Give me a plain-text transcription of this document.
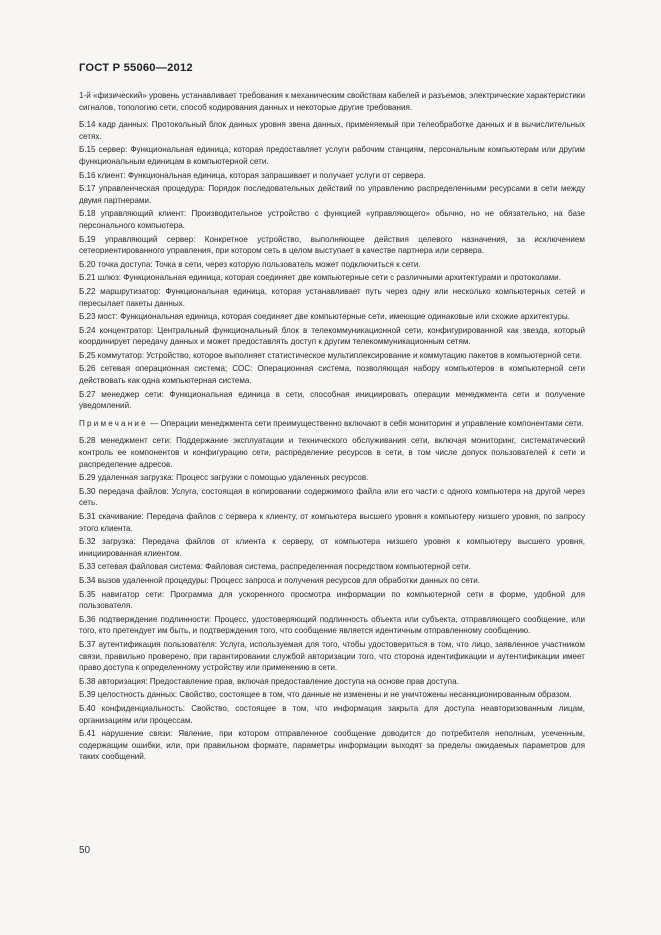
ГОСТ Р 55060—2012

1-й «физический» уровень устанавливает требования к механическим свойствам кабелей и разъемов, электрические характеристики сигналов, топологию сети, способ кодирования данных и некоторые другие требования.

Б.14 кадр данных: Протокольный блок данных уровня звена данных, применяемый при телеобработке данных и в вычислительных сетях.

Б.15 сервер: Функциональная единица, которая предоставляет услуги рабочим станциям, персональным компьютерам или другим функциональным единицам в компьютерной сети.

Б.16 клиент: Функциональная единица, которая запрашивает и получает услуги от сервера.

Б.17 управленческая процедура: Порядок последовательных действий по управлению распределенными ресурсами в сети между двумя партнерами.

Б.18 управляющий клиент: Производительное устройство с функцией «управляющего» обычно, но не обязательно, на базе персонального компьютера.

Б.19 управляющий сервер: Конкретное устройство, выполняющее действия целевого назначения, за исключением сетеориентированного управления, при котором сеть в целом выступает в качестве партнера или сервера.

Б.20 точка доступа: Точка в сети, через которую пользователь может подключиться к сети.

Б.21 шлюз: Функциональная единица, которая соединяет две компьютерные сети с различными архитектурами и протоколами.

Б.22 маршрутизатор: Функциональная единица, которая устанавливает путь через одну или несколько компьютерных сетей и пересылает пакеты данных.

Б.23 мост: Функциональная единица, которая соединяет две компьютерные сети, имеющие одинаковые или схожие архитектуры.

Б.24 концентратор: Центральный функциональный блок в телекоммуникационной сети, конфигурированной как звезда, который координирует передачу данных и может предоставлять доступ к другим телекоммуникационным сетям.

Б.25 коммутатор: Устройство, которое выполняет статистическое мультиплексирование и коммутацию пакетов в компьютерной сети.

Б.26 сетевая операционная система; СОС: Операционная система, позволяющая набору компьютеров в компьютерной сети действовать как одна компьютерная система.

Б.27 менеджер сети: Функциональная единица в сети, способная инициировать операции менеджмента сети и получение уведомлений.

Примечание — Операции менеджмента сети преимущественно включают в себя мониторинг и управление компонентами сети.

Б.28 менеджмент сети: Поддержание эксплуатации и технического обслуживания сети, включая мониторинг, систематический контроль ее компонентов и конфигурацию сети, распределение ресурсов в сети, в том числе допуск пользователей к сети и распределение адресов.

Б.29 удаленная загрузка: Процесс загрузки с помощью удаленных ресурсов.

Б.30 передача файлов: Услуга, состоящая в копировании содержимого файла или его части с одного компьютера на другой через сеть.

Б.31 скачивание: Передача файлов с сервера к клиенту, от компьютера высшего уровня к компьютеру низшего уровня, по запросу этого клиента.

Б.32 загрузка: Передача файлов от клиента к серверу, от компьютера низшего уровня к компьютеру высшего уровня, инициированная клиентом.

Б.33 сетевая файловая система: Файловая система, распределенная посредством компьютерной сети.

Б.34 вызов удаленной процедуры: Процесс запроса и получения ресурсов для обработки данных по сети.

Б.35 навигатор сети: Программа для ускоренного просмотра информации по компьютерной сети в форме, удобной для пользователя.

Б.36 подтверждение подлинности: Процесс, удостоверяющий подлинность объекта или субъекта, отправляющего сообщение, или того, кто претендует им быть, и подтверждения того, что сообщение является идентичным отправленному сообщению.

Б.37 аутентификация пользователя: Услуга, используемая для того, чтобы удостовериться в том, что лицо, заявленное участником связи, правильно проверено, при гарантировании службой авторизации того, что сторона идентификации и аутентификации имеет право доступа к определенному устройству или применению в сети.

Б.38 авторизация: Предоставление прав, включая предоставление доступа на основе прав доступа.

Б.39 целостность данных: Свойство, состоящее в том, что данные не изменены и не уничтожены несанкционированным образом.

Б.40 конфиденциальность: Свойство, состоящее в том, что информация закрыта для доступа неавторизованным лицам, организациям или процессам.

Б.41 нарушение связи: Явление, при котором отправленное сообщение доводится до потребителя неполным, усеченным, содержащим ошибки, или, при правильном формате, параметры информации выходят за пределы ожидаемых параметров для таких сообщений.

50
